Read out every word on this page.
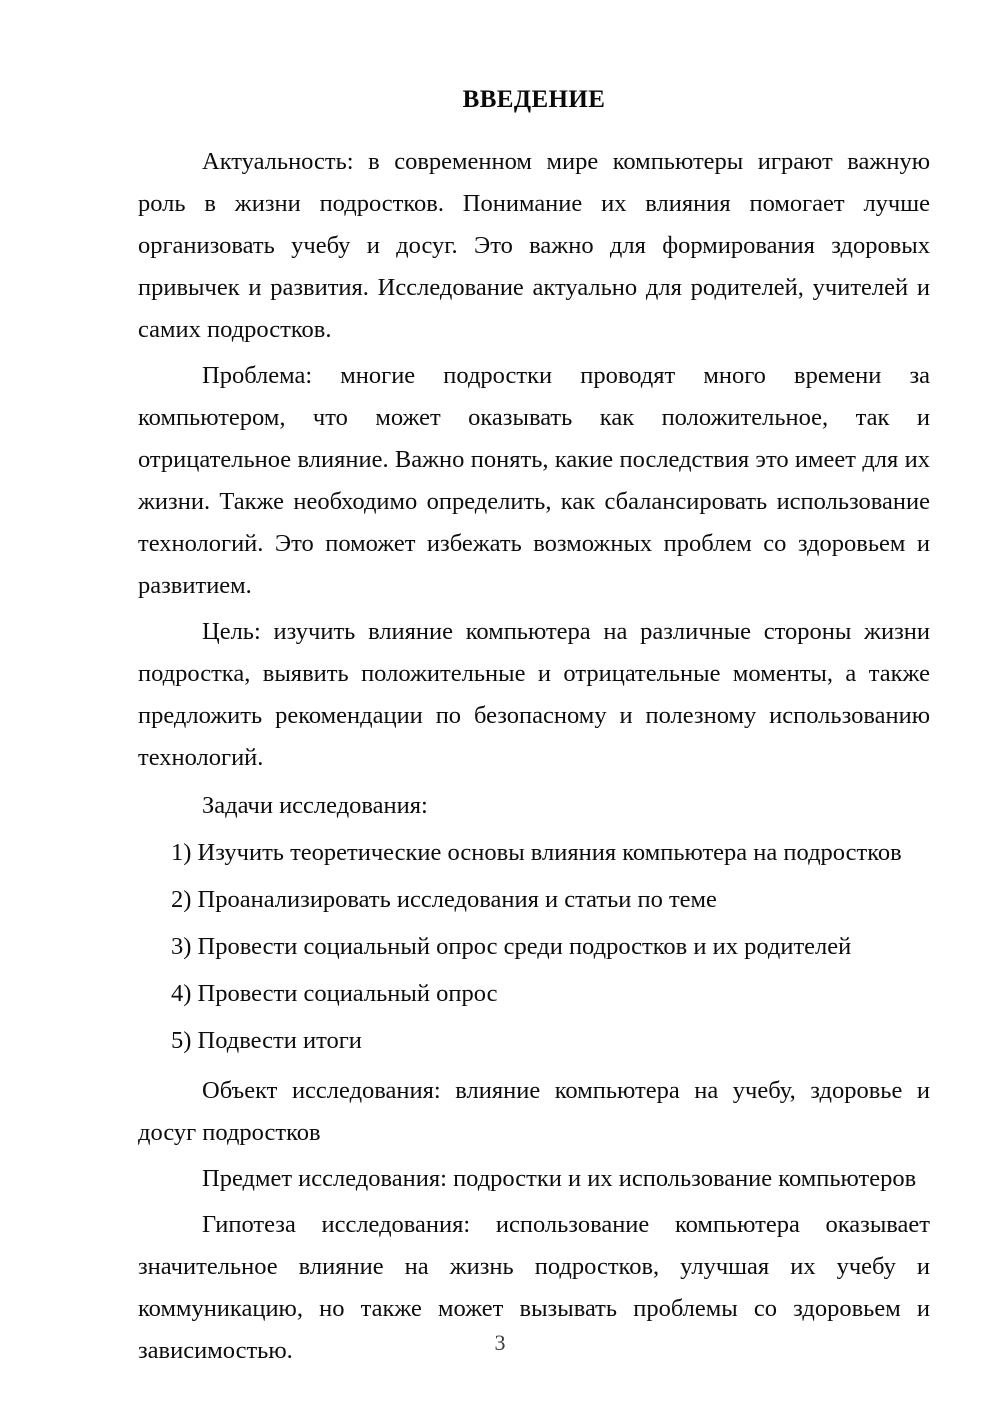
ВВЕДЕНИЕ

Актуальность: в современном мире компьютеры играют важную роль в жизни подростков. Понимание их влияния помогает лучше организовать учебу и досуг. Это важно для формирования здоровых привычек и развития. Исследование актуально для родителей, учителей и самих подростков.

Проблема: многие подростки проводят много времени за компьютером, что может оказывать как положительное, так и отрицательное влияние. Важно понять, какие последствия это имеет для их жизни. Также необходимо определить, как сбалансировать использование технологий. Это поможет избежать возможных проблем со здоровьем и развитием.

Цель: изучить влияние компьютера на различные стороны жизни подростка, выявить положительные и отрицательные моменты, а также предложить рекомендации по безопасному и полезному использованию технологий.

Задачи исследования:

1) Изучить теоретические основы влияния компьютера на подростков
2) Проанализировать исследования и статьи по теме
3) Провести социальный опрос среди подростков и их родителей
4) Провести социальный опрос
5) Подвести итоги

Объект исследования: влияние компьютера на учебу, здоровье и досуг подростков

Предмет исследования: подростки и их использование компьютеров

Гипотеза исследования: использование компьютера оказывает значительное влияние на жизнь подростков, улучшая их учебу и коммуникацию, но также может вызывать проблемы со здоровьем и зависимостью.	3
